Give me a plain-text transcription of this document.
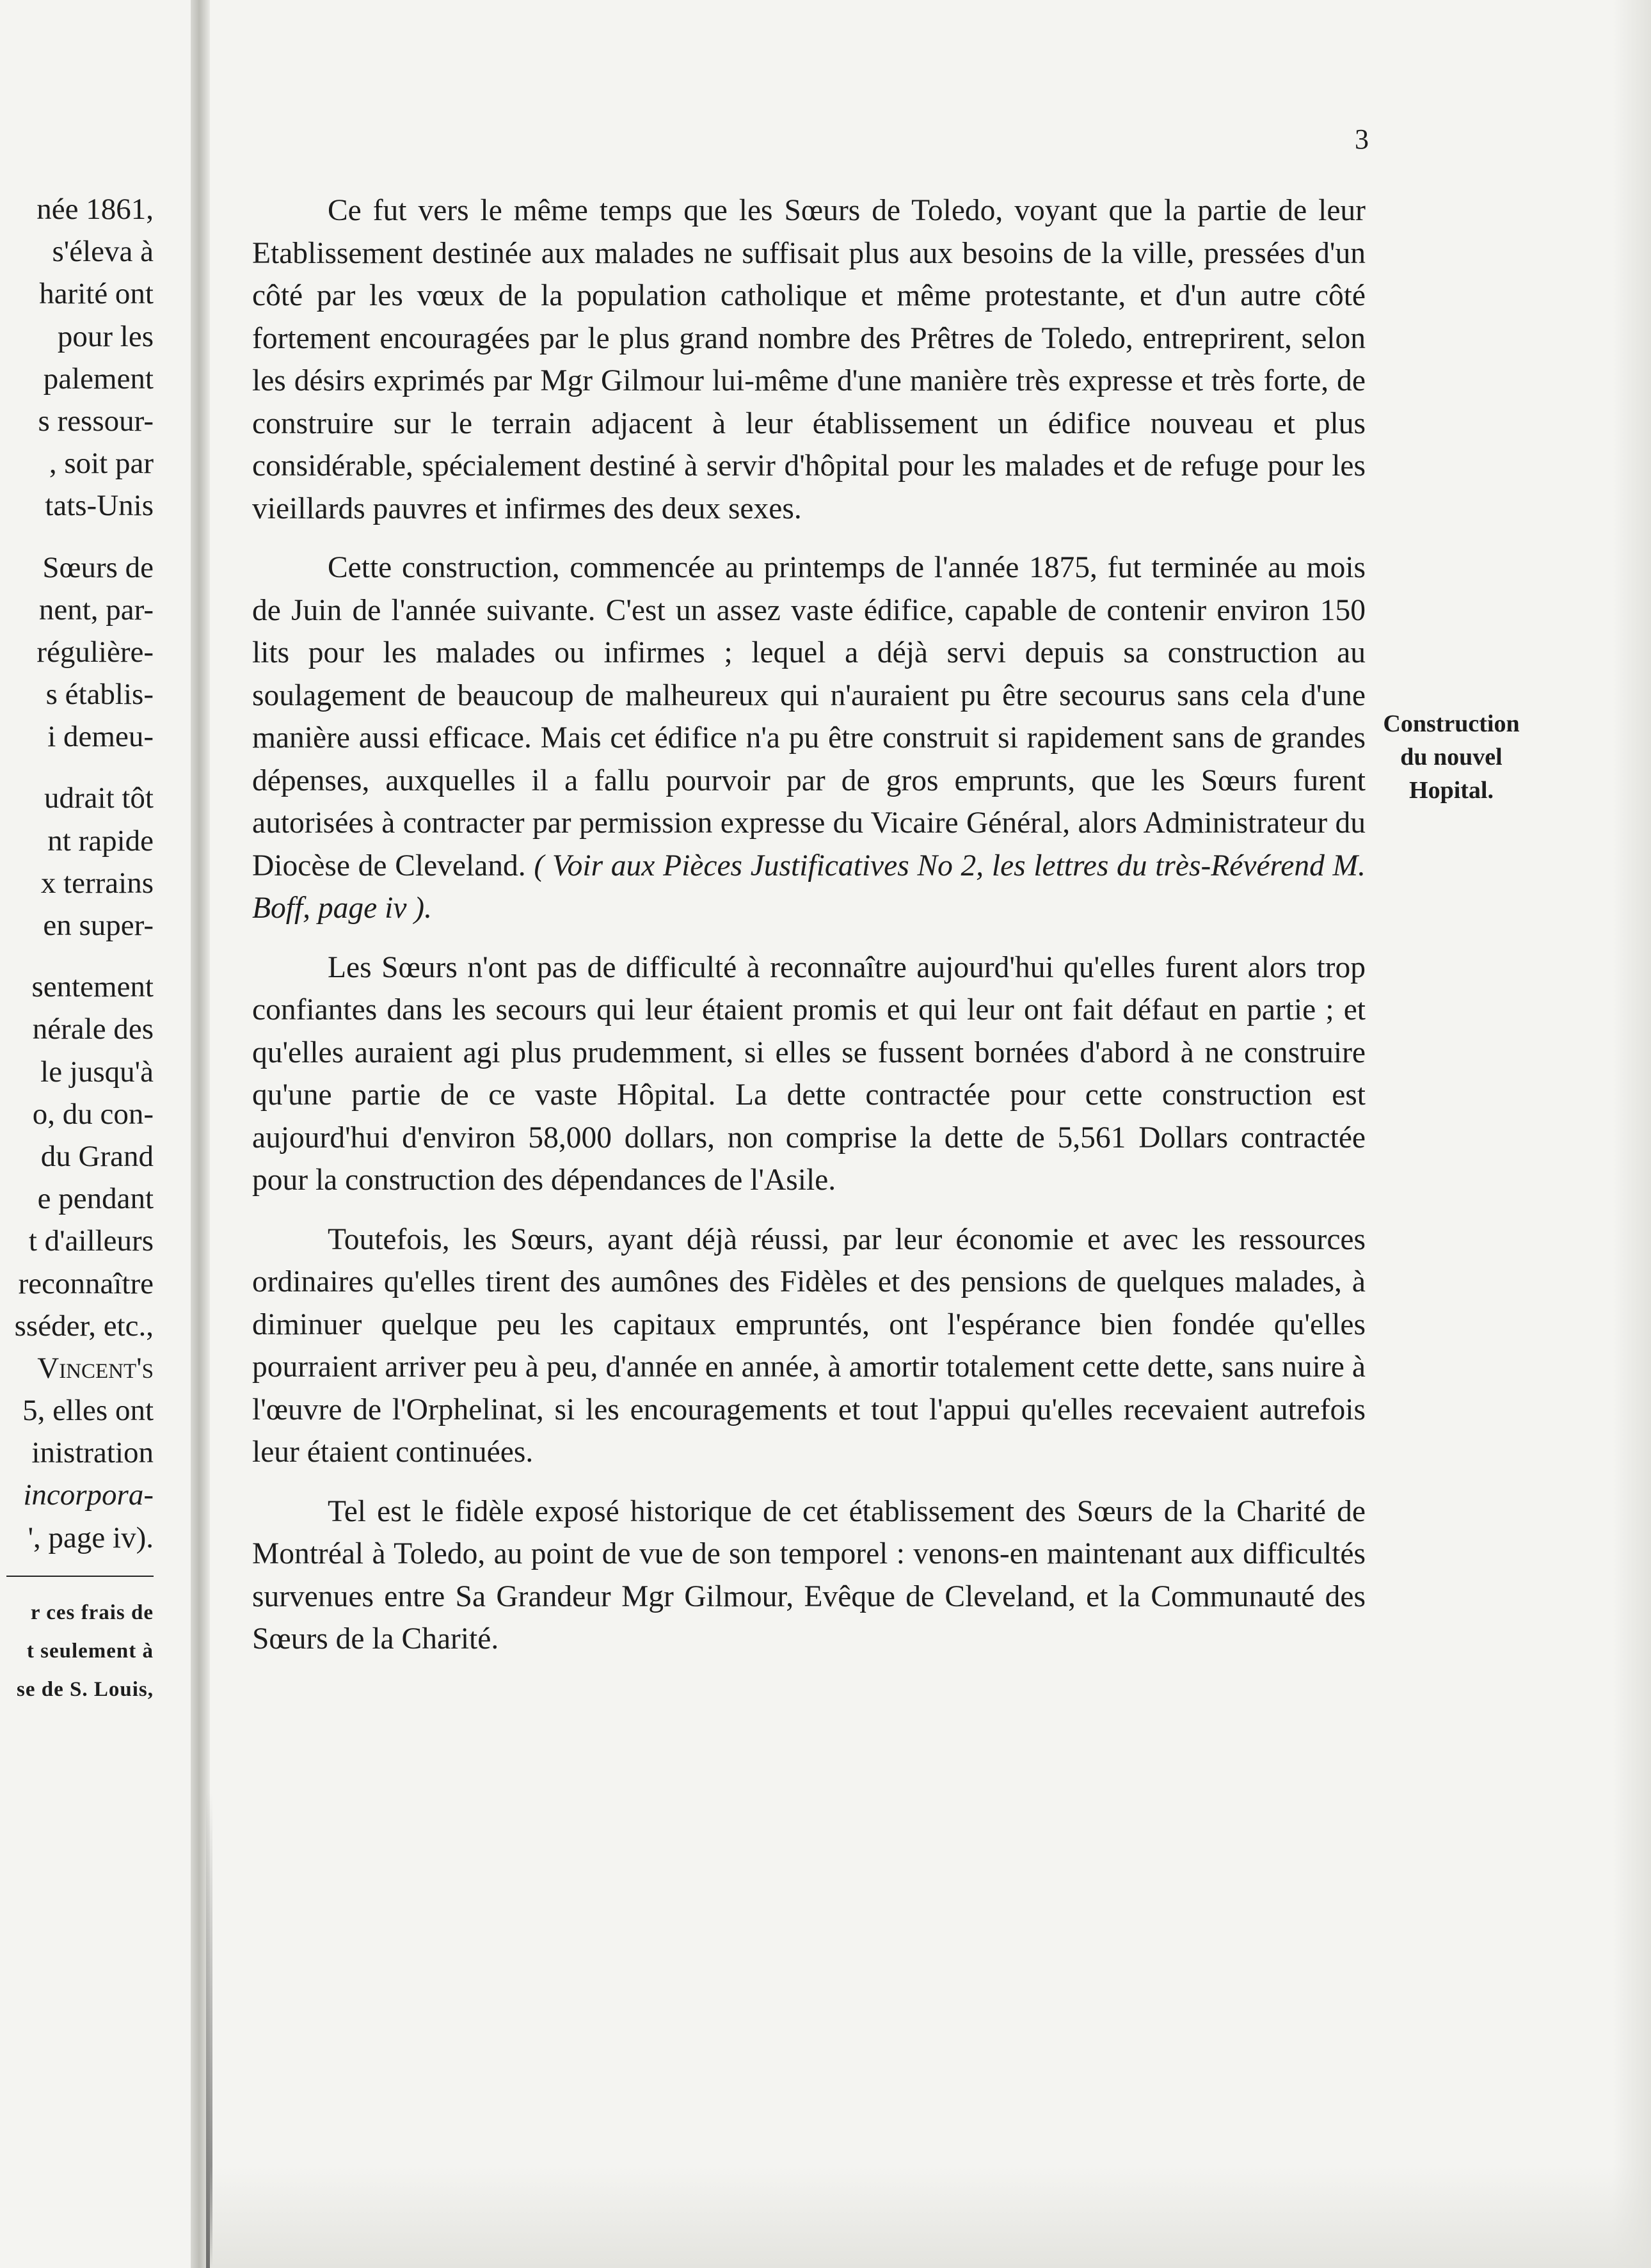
née 1861,
s'éleva à
harité ont
pour les
palement
s ressour-
, soit par
tats-Unis
Sœurs de
nent, par-
régulière-
s établis-
i demeu-
udrait tôt
nt rapide
x terrains
en super-
sentement
nérale des
le jusqu'à
o, du con-
du Grand
e pendant
t d'ailleurs
reconnaître
sséder, etc.,
Vincent's
5, elles ont
inistration
incorpora-
', page iv).
r ces frais de
t seulement à
se de S. Louis,
3

Ce fut vers le même temps que les Sœurs de Toledo, voyant que la partie de leur Etablissement destinée aux malades ne suffisait plus aux besoins de la ville, pressées d'un côté par les vœux de la population catholique et même protestante, et d'un autre côté fortement encouragées par le plus grand nombre des Prêtres de Toledo, entreprirent, selon les désirs exprimés par Mgr Gilmour lui-même d'une manière très expresse et très forte, de construire sur le terrain adjacent à leur établissement un édifice nouveau et plus considérable, spécialement destiné à servir d'hôpital pour les malades et de refuge pour les vieillards pauvres et infirmes des deux sexes.

Cette construction, commencée au printemps de l'année 1875, fut terminée au mois de Juin de l'année suivante. C'est un assez vaste édifice, capable de contenir environ 150 lits pour les malades ou infirmes ; lequel a déjà servi depuis sa construction au soulagement de beaucoup de malheureux qui n'auraient pu être secourus sans cela d'une manière aussi efficace. Mais cet édifice n'a pu être construit si rapidement sans de grandes dépenses, auxquelles il a fallu pourvoir par de gros emprunts, que les Sœurs furent autorisées à contracter par permission expresse du Vicaire Général, alors Administrateur du Diocèse de Cleveland. ( Voir aux Pièces Justificatives No 2, les lettres du très-Révérend M. Boff, page iv ).

Les Sœurs n'ont pas de difficulté à reconnaître aujourd'hui qu'elles furent alors trop confiantes dans les secours qui leur étaient promis et qui leur ont fait défaut en partie ; et qu'elles auraient agi plus prudemment, si elles se fussent bornées d'abord à ne construire qu'une partie de ce vaste Hôpital. La dette contractée pour cette construction est aujourd'hui d'environ 58,000 dollars, non comprise la dette de 5,561 Dollars contractée pour la construction des dépendances de l'Asile.

Toutefois, les Sœurs, ayant déjà réussi, par leur économie et avec les ressources ordinaires qu'elles tirent des aumônes des Fidèles et des pensions de quelques malades, à diminuer quelque peu les capitaux empruntés, ont l'espérance bien fondée qu'elles pourraient arriver peu à peu, d'année en année, à amortir totalement cette dette, sans nuire à l'œuvre de l'Orphelinat, si les encouragements et tout l'appui qu'elles recevaient autrefois leur étaient continuées.

Tel est le fidèle exposé historique de cet établissement des Sœurs de la Charité de Montréal à Toledo, au point de vue de son temporel : venons-en maintenant aux difficultés survenues entre Sa Grandeur Mgr Gilmour, Evêque de Cleveland, et la Communauté des Sœurs de la Charité.

Construction
du nouvel
Hopital.
